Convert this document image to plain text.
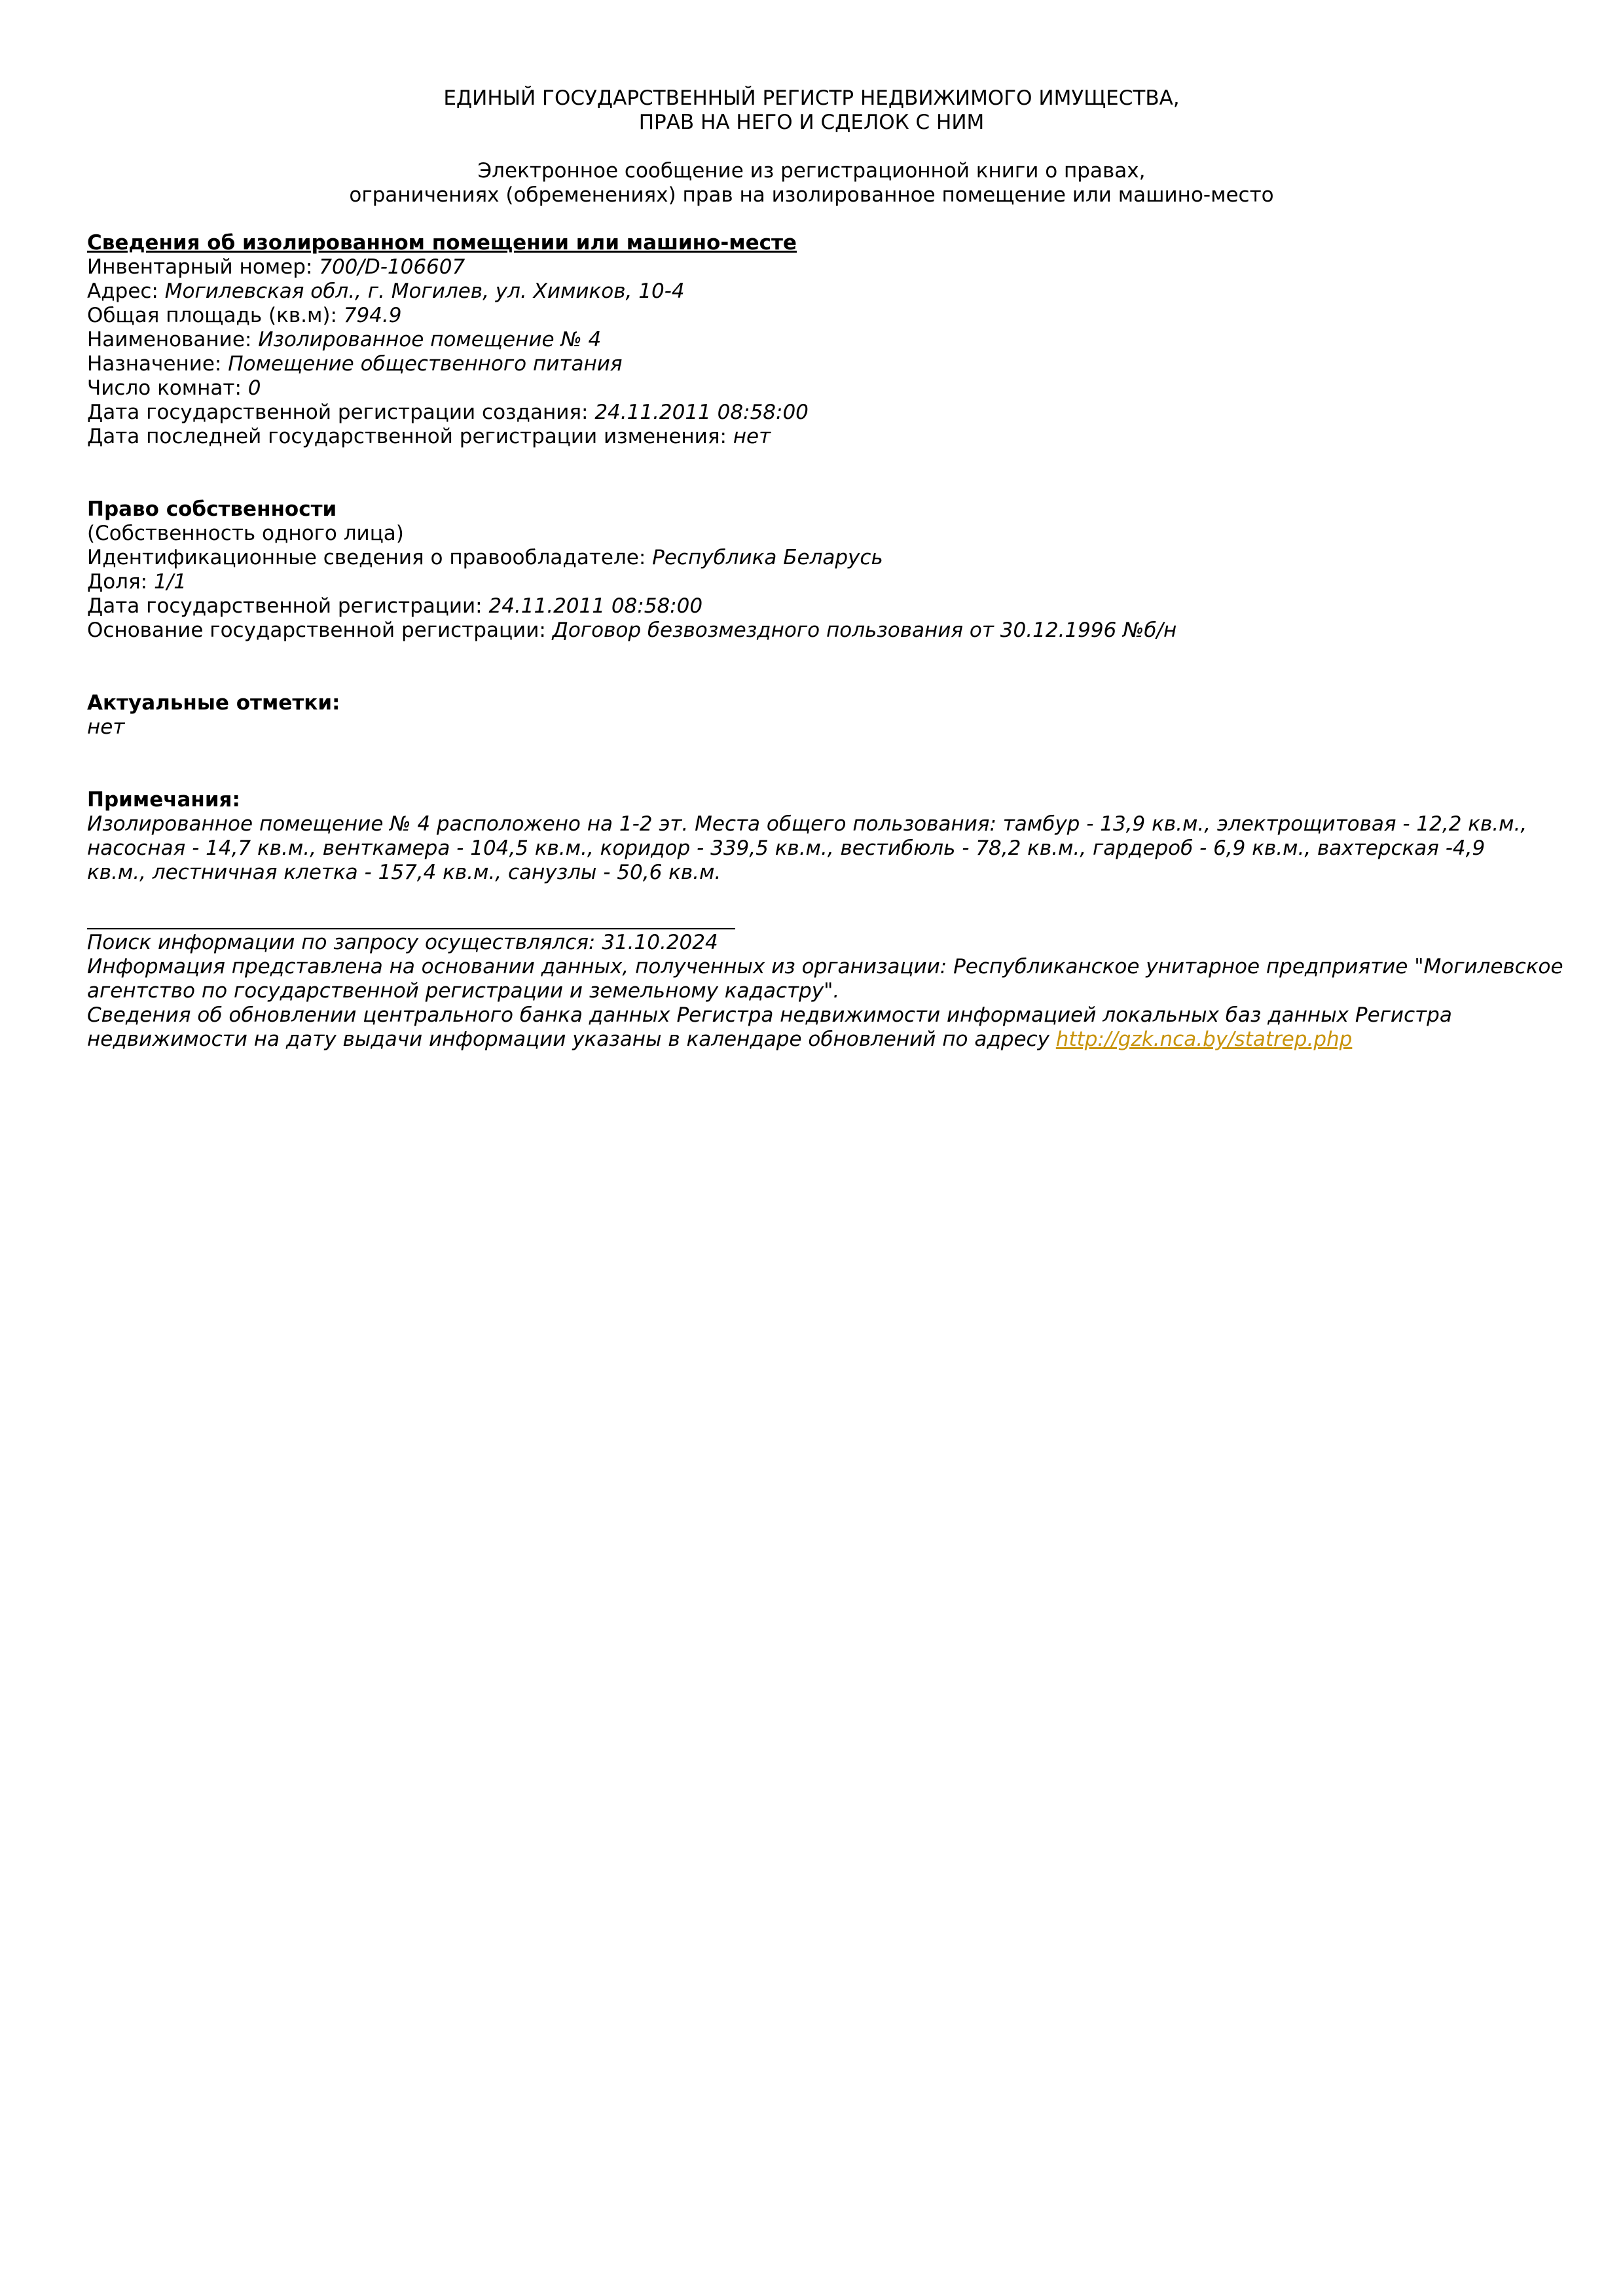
ЕДИНЫЙ ГОСУДАРСТВЕННЫЙ РЕГИСТР НЕДВИЖИМОГО ИМУЩЕСТВА,
ПРАВ НА НЕГО И СДЕЛОК С НИМ
Электронное сообщение из регистрационной книги о правах,
ограничениях (обременениях) прав на изолированное помещение или машино-место
Сведения об изолированном помещении или машино-месте
Инвентарный номер: 700/D-106607
Адрес: Могилевская обл., г. Могилев, ул. Химиков, 10-4
Общая площадь (кв.м): 794.9
Наименование: Изолированное помещение № 4
Назначение: Помещение общественного питания
Число комнат: 0
Дата государственной регистрации создания: 24.11.2011 08:58:00
Дата последней государственной регистрации изменения: нет
Право собственности
(Собственность одного лица)
Идентификационные сведения о правообладателе: Республика Беларусь
Доля: 1/1
Дата государственной регистрации: 24.11.2011 08:58:00
Основание государственной регистрации: Договор безвозмездного пользования от 30.12.1996 №б/н
Актуальные отметки:
нет
Примечания:
Изолированное помещение № 4 расположено на 1-2 эт. Места общего пользования: тамбур - 13,9 кв.м., электрощитовая - 12,2 кв.м.,
насосная - 14,7 кв.м., венткамера - 104,5 кв.м., коридор - 339,5 кв.м., вестибюль - 78,2 кв.м., гардероб - 6,9 кв.м., вахтерская -4,9
кв.м., лестничная клетка - 157,4 кв.м., санузлы - 50,6 кв.м.
Поиск информации по запросу осуществлялся: 31.10.2024
Информация представлена на основании данных, полученных из организации: Республиканское унитарное предприятие "Могилевское
агентство по государственной регистрации и земельному кадастру".
Сведения об обновлении центрального банка данных Регистра недвижимости информацией локальных баз данных Регистра
недвижимости на дату выдачи информации указаны в календаре обновлений по адресу http://gzk.nca.by/statrep.php
